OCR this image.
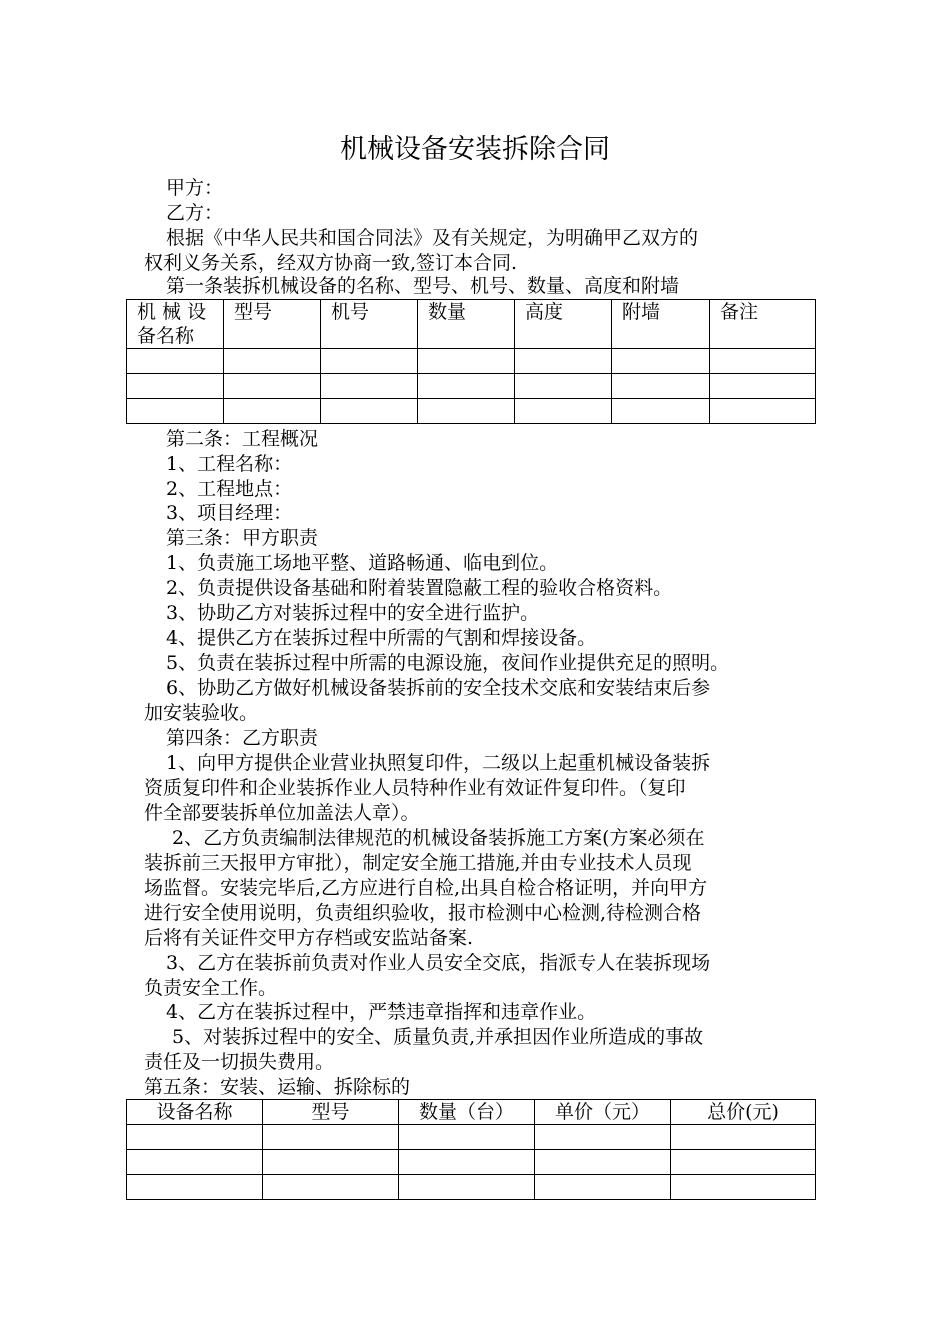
机械设备安装拆除合同
甲方：
乙方：
根据《中华人民共和国合同法》及有关规定，为明确甲乙双方的
权利义务关系，经双方协商一致,签订本合同.
第一条装拆机械设备的名称、型号、机号、数量、高度和附墙
机 械 设备名称	型号	机号	数量	高度	附墙	备注

第二条：工程概况
1、工程名称：
2、工程地点：
3、项目经理：
第三条：甲方职责
1、负责施工场地平整、道路畅通、临电到位。
2、负责提供设备基础和附着装置隐蔽工程的验收合格资料。
3、协助乙方对装拆过程中的安全进行监护。
4、提供乙方在装拆过程中所需的气割和焊接设备。
5、负责在装拆过程中所需的电源设施，夜间作业提供充足的照明。
6、协助乙方做好机械设备装拆前的安全技术交底和安装结束后参
加安装验收。
第四条：乙方职责
1、向甲方提供企业营业执照复印件，二级以上起重机械设备装拆
资质复印件和企业装拆作业人员特种作业有效证件复印件。（复印
件全部要装拆单位加盖法人章）。
2、乙方负责编制法律规范的机械设备装拆施工方案(方案必须在
装拆前三天报甲方审批），制定安全施工措施,并由专业技术人员现
场监督。安装完毕后,乙方应进行自检,出具自检合格证明，并向甲方
进行安全使用说明，负责组织验收，报市检测中心检测,待检测合格
后将有关证件交甲方存档或安监站备案.
3、乙方在装拆前负责对作业人员安全交底，指派专人在装拆现场
负责安全工作。
4、乙方在装拆过程中，严禁违章指挥和违章作业。
5、对装拆过程中的安全、质量负责,并承担因作业所造成的事故
责任及一切损失费用。
第五条：安装、运输、拆除标的
设备名称	型号	数量（台）	单价（元）	总价(元)
